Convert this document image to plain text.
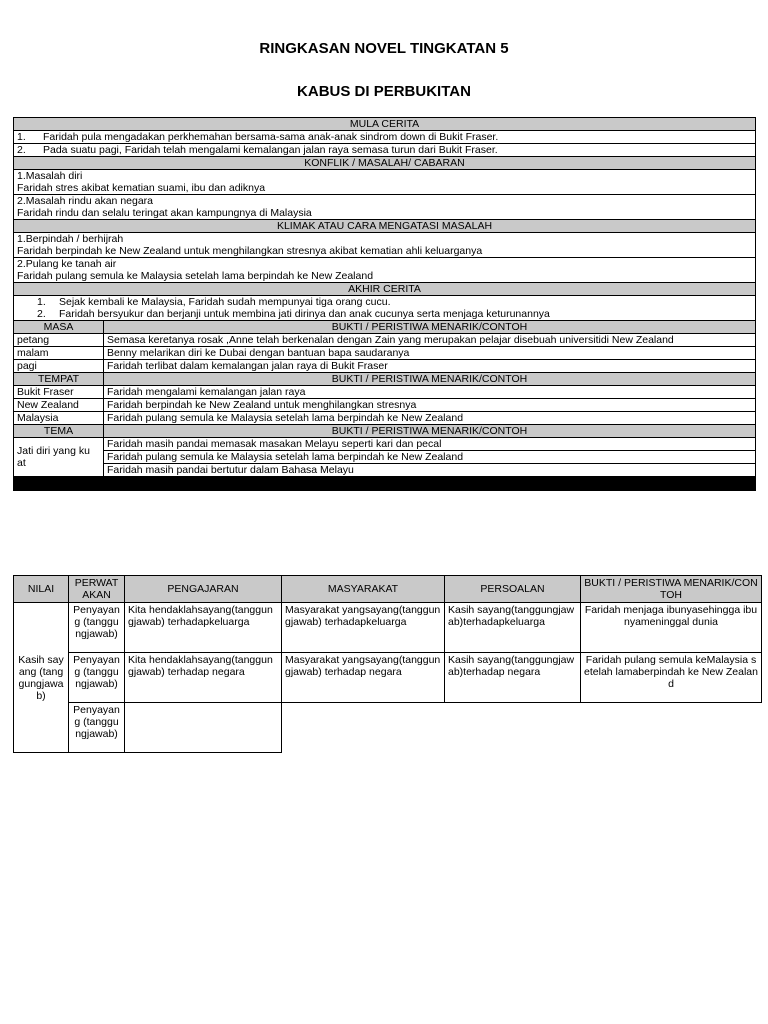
RINGKASAN NOVEL TINGKATAN 5
KABUS DI PERBUKITAN
MULA CERITA	
1. Faridah pula mengadakan perkhemahan bersama-sama anak-anak sindrom down di Bukit Fraser.	
2. Pada suatu pagi, Faridah telah mengalami kemalangan jalan raya semasa turun dari Bukit Fraser.	
KONFLIK / MASALAH/ CABARAN	

1.Masalah diri
Faridah stres akibat kematian suami, ibu dan adiknya	

2.Masalah rindu akan negara
Faridah rindu dan selalu teringat akan kampungnya di Malaysia	

KLIMAK ATAU CARA MENGATASI MASALAH	

1.Berpindah / berhijrah
Faridah berpindah ke New Zealand untuk menghilangkan stresnya akibat kematian ahli keluarganya	

2.Pulang ke tanah air
Faridah pulang semula ke Malaysia setelah lama berpindah ke New Zealand	

AKHIR CERITA	

1. Sejak kembali ke Malaysia, Faridah sudah mempunyai tiga orang cucu.
2. Faridah bersyukur dan berjanji untuk membina jati dirinya dan anak cucunya serta menjaga keturunannya	

MASA	BUKTI / PERISTIWA MENARIK/CONTOH
petang	Semasa keretanya rosak ,Anne telah berkenalan dengan Zain yang merupakan pelajar disebuah universitidi New Zealand
malam	Benny melarikan diri ke Dubai dengan bantuan bapa saudaranya
pagi	Faridah terlibat dalam kemalangan jalan raya di Bukit Fraser
TEMPAT	BUKTI / PERISTIWA MENARIK/CONTOH
Bukit Fraser	Faridah mengalami kemalangan jalan raya
New Zealand	Faridah berpindah ke New Zealand untuk menghilangkan stresnya
Malaysia	Faridah pulang semula ke Malaysia setelah lama berpindah ke New Zealand
TEMA	BUKTI / PERISTIWA MENARIK/CONTOH

Jati diri yang ku
at	Faridah masih pandai memasak masakan Melayu seperti kari dan pecal
	Faridah pulang semula ke Malaysia setelah lama berpindah ke New Zealand
	Faridah masih pandai bertutur dalam Bahasa Melayu

NILAI	PERWATAKAN	PENGAJARAN	MASYARAKAT	PERSOALAN	BUKTI / PERISTIWA MENARIK/CONTOH
Kasih sayang (tanggungjawab)	Penyayang (tanggungjawab)	Kita hendaklahsayang(tanggungjawab) terhadapkeluarga	Masyarakat yangsayang(tanggungjawab) terhadapkeluarga	Kasih sayang(tanggungjawab)terhadapkeluarga	Faridah menjaga ibunyasehingga ibunyameninggal dunia
	Penyayang (tanggungjawab)	Kita hendaklahsayang(tanggungjawab) terhadap negara	Masyarakat yangsayang(tanggungjawab) terhadap negara	Kasih sayang(tanggungjawab)terhadap negara	Faridah pulang semula keMalaysia setelah lamaberpindah ke New Zealand
	Penyayang (tanggungjawab)				
